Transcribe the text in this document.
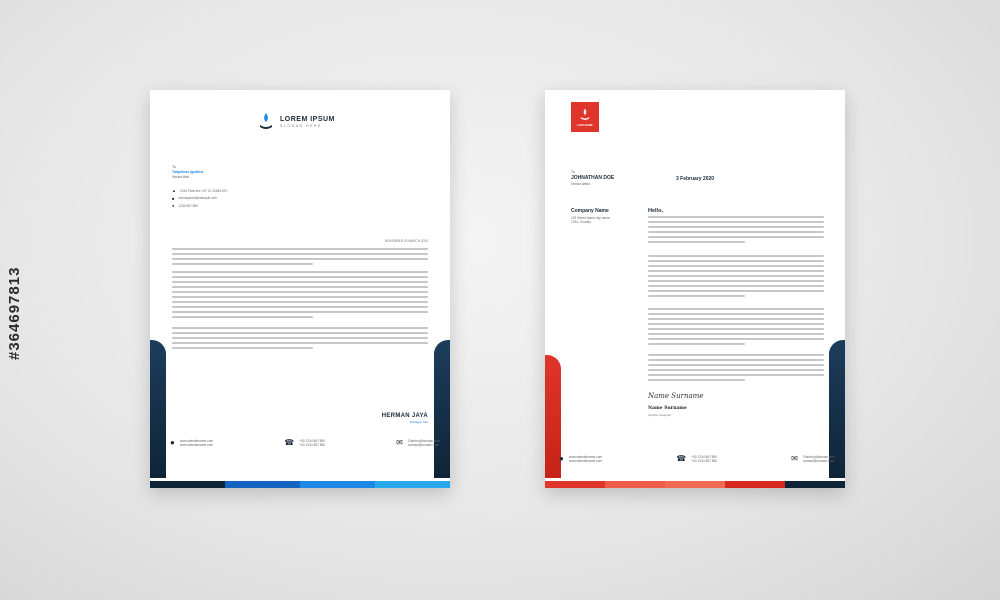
LOREM IPSUM
SLOGAN HERE
To
Taiquimas Ignatius
Vector Arts
▲ 1234 Park Ave, NY 10 12345 67C
■ loremipsum@example.com
● 1234 567 890
NOVEMBER 20 MARCH 2020
HERMAN JAYA
Manager Title
● www.websitename.com
www.websitename.com	☎ +00 1234 567 890
+00 1234 567 890	✉ Clientco@domain.com
contact@domain.com
LOGO NAME
To
JOHNATHAN DOE
Vector Artist
3 February 2020
Company Name
123 Street Name city name
1234, Country
Hello,
Name Surname
Name Surname
Graphic Designer
● www.websitename.com
www.websitename.com	☎ +00 1234 567 890
+00 1234 567 890	✉ Clientco@domain.com
contact@domain.com
#364697813
